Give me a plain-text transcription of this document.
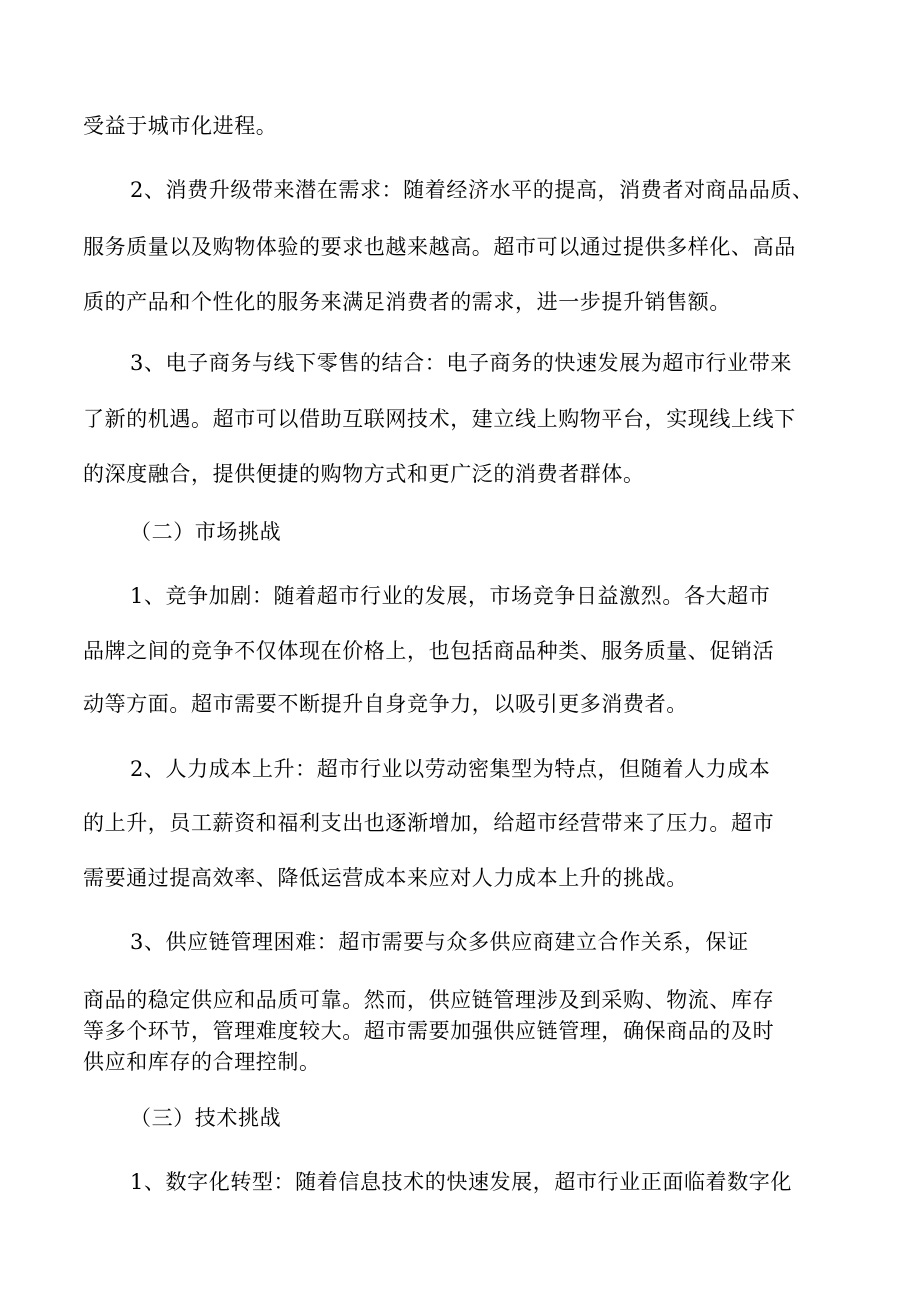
受益于城市化进程。
2、消费升级带来潜在需求：随着经济水平的提高，消费者对商品品质、
服务质量以及购物体验的要求也越来越高。超市可以通过提供多样化、高品
质的产品和个性化的服务来满足消费者的需求，进一步提升销售额。
3、电子商务与线下零售的结合：电子商务的快速发展为超市行业带来
了新的机遇。超市可以借助互联网技术，建立线上购物平台，实现线上线下
的深度融合，提供便捷的购物方式和更广泛的消费者群体。
（二）市场挑战
1、竞争加剧：随着超市行业的发展，市场竞争日益激烈。各大超市
品牌之间的竞争不仅体现在价格上，也包括商品种类、服务质量、促销活
动等方面。超市需要不断提升自身竞争力，以吸引更多消费者。
2、人力成本上升：超市行业以劳动密集型为特点，但随着人力成本
的上升，员工薪资和福利支出也逐渐增加，给超市经营带来了压力。超市
需要通过提高效率、降低运营成本来应对人力成本上升的挑战。
3、供应链管理困难：超市需要与众多供应商建立合作关系，保证
商品的稳定供应和品质可靠。然而，供应链管理涉及到采购、物流、库存
等多个环节，管理难度较大。超市需要加强供应链管理，确保商品的及时
供应和库存的合理控制。
（三）技术挑战
1、数字化转型：随着信息技术的快速发展，超市行业正面临着数字化
